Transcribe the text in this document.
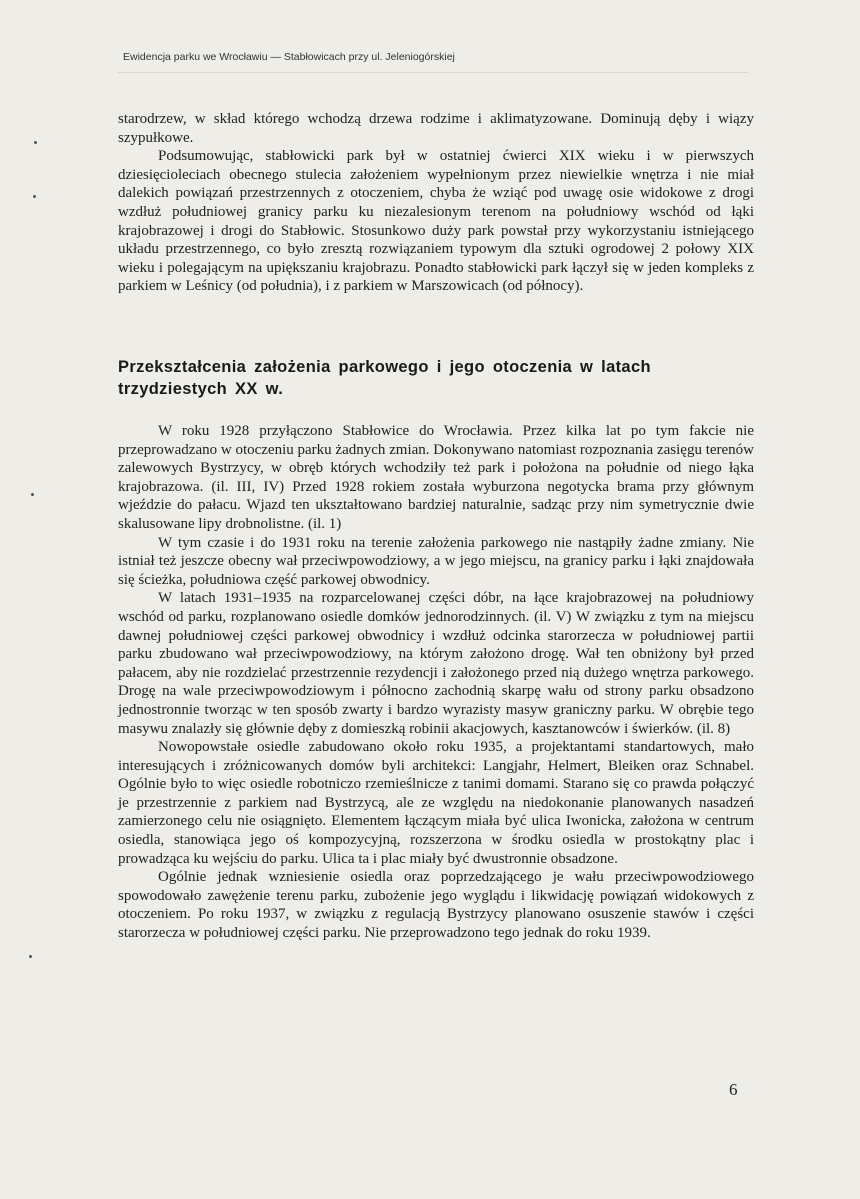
Ewidencja parku we Wrocławiu — Stabłowicach przy ul. Jeleniogórskiej

starodrzew, w skład którego wchodzą drzewa rodzime i aklimatyzowane. Dominują dęby i wiązy szypułkowe.

Podsumowując, stabłowicki park był w ostatniej ćwierci XIX wieku i w pierwszych dziesięcioleciach obecnego stulecia założeniem wypełnionym przez niewielkie wnętrza i nie miał dalekich powiązań przestrzennych z otoczeniem, chyba że wziąć pod uwagę osie widokowe z drogi wzdłuż południowej granicy parku ku niezalesionym terenom na południowy wschód od łąki krajobrazowej i drogi do Stabłowic. Stosunkowo duży park powstał przy wykorzystaniu istniejącego układu przestrzennego, co było zresztą rozwiązaniem typowym dla sztuki ogrodowej 2 połowy XIX wieku i polegającym na upiększaniu krajobrazu. Ponadto stabłowicki park łączył się w jeden kompleks z parkiem w Leśnicy (od południa), i z parkiem w Marszowicach (od północy).

Przekształcenia założenia parkowego i jego otoczenia w latach trzydziestych XX w.

W roku 1928 przyłączono Stabłowice do Wrocławia. Przez kilka lat po tym fakcie nie przeprowadzano w otoczeniu parku żadnych zmian. Dokonywano natomiast rozpoznania zasięgu terenów zalewowych Bystrzycy, w obręb których wchodziły też park i położona na południe od niego łąka krajobrazowa. (il. III, IV) Przed 1928 rokiem została wyburzona negotycka brama przy głównym wjeździe do pałacu. Wjazd ten ukształtowano bardziej naturalnie, sadząc przy nim symetrycznie dwie skalusowane lipy drobnolistne. (il. 1)

W tym czasie i do 1931 roku na terenie założenia parkowego nie nastąpiły żadne zmiany. Nie istniał też jeszcze obecny wał przeciwpowodziowy, a w jego miejscu, na granicy parku i łąki znajdowała się ścieżka, południowa część parkowej obwodnicy.

W latach 1931–1935 na rozparcelowanej części dóbr, na łące krajobrazowej na południowy wschód od parku, rozplanowano osiedle domków jednorodzinnych. (il. V) W związku z tym na miejscu dawnej południowej części parkowej obwodnicy i wzdłuż odcinka starorzecza w południowej partii parku zbudowano wał przeciwpowodziowy, na którym założono drogę. Wał ten obniżony był przed pałacem, aby nie rozdzielać przestrzennie rezydencji i założonego przed nią dużego wnętrza parkowego. Drogę na wale przeciwpowodziowym i północno zachodnią skarpę wału od strony parku obsadzono jednostronnie tworząc w ten sposób zwarty i bardzo wyrazisty masyw graniczny parku. W obrębie tego masywu znalazły się głównie dęby z domieszką robinii akacjowych, kasztanowców i świerków. (il. 8)

Nowopowstałe osiedle zabudowano około roku 1935, a projektantami standartowych, mało interesujących i zróżnicowanych domów byli architekci: Langjahr, Helmert, Bleiken oraz Schnabel. Ogólnie było to więc osiedle robotniczo rzemieślnicze z tanimi domami. Starano się co prawda połączyć je przestrzennie z parkiem nad Bystrzycą, ale ze względu na niedokonanie planowanych nasadzeń zamierzonego celu nie osiągnięto. Elementem łączącym miała być ulica Iwonicka, założona w centrum osiedla, stanowiąca jego oś kompozycyjną, rozszerzona w środku osiedla w prostokątny plac i prowadząca ku wejściu do parku. Ulica ta i plac miały być dwustronnie obsadzone.

Ogólnie jednak wzniesienie osiedla oraz poprzedzającego je wału przeciwpowodziowego spowodowało zawężenie terenu parku, zubożenie jego wyglądu i likwidację powiązań widokowych z otoczeniem. Po roku 1937, w związku z regulacją Bystrzycy planowano osuszenie stawów i części starorzecza w południowej części parku. Nie przeprowadzono tego jednak do roku 1939.

6
